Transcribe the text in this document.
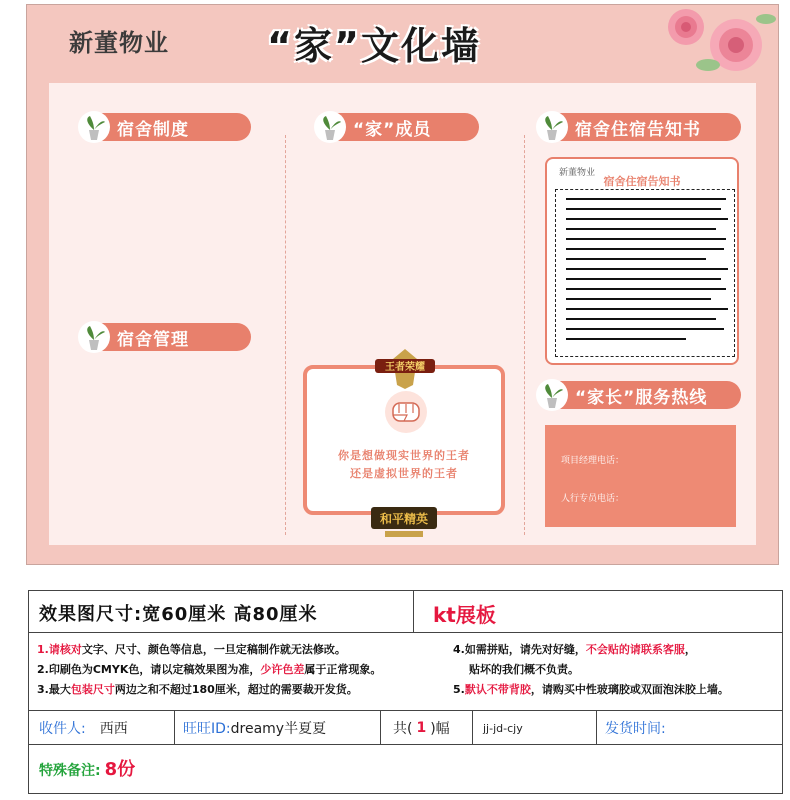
新董物业	“家”文化墙
宿舍制度	“家”成员	宿舍住宿告知书
宿舍管理
“家长”服务热线
新董物业
宿舍住宿告知书
项目经理电话：
人行专员电话：
你是想做现实世界的王者
还是虚拟世界的王者
王者荣耀
和平精英
效果图尺寸:宽60厘米 高80厘米	kt展板
1.请核对文字、尺寸、颜色等信息，一旦定稿制作就无法修改。
2.印刷色为CMYK色，请以定稿效果图为准，少许色差属于正常现象。
3.最大包装尺寸两边之和不超过180厘米，超过的需要裁开发货。
4.如需拼贴，请先对好缝，不会贴的请联系客服，
贴坏的我们概不负责。
5.默认不带背胶，请购买中性玻璃胶或双面泡沫胶上墙。
收件人: 西西	旺旺ID: dreamy半夏夏	共( 1 )幅	jj-jd-cjy	发货时间:
特殊备注: 8份
